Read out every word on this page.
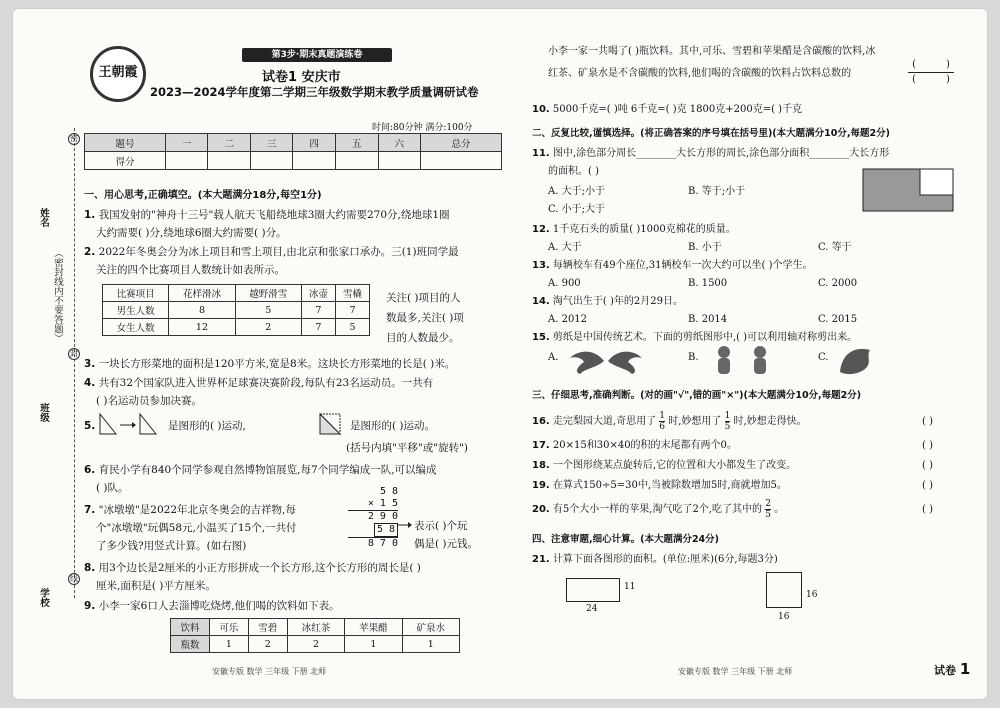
姓名
（密封线内不要答题）
班级
学校
密
封
线
王朝霞
第3步·期末真题演练卷
试卷1 安庆市
2023—2024学年度第二学期三年级数学期末教学质量调研试卷
时间:80分钟 满分:100分
题号	一	二	三	四	五	六	总分
得分							
一、用心思考,正确填空。(本大题满分18分,每空1分)
1. 我国发射的"神舟十三号"载人航天飞船绕地球3圈大约需要270分,绕地球1圈
大约需要( )分,绕地球6圈大约需要( )分。
2. 2022年冬奥会分为冰上项目和雪上项目,由北京和张家口承办。三(1)班同学最
关注的四个比赛项目人数统计如表所示。
比赛项目	花样滑冰	越野滑雪	冰壶	雪橇
男生人数	8	5	7	7
女生人数	12	2	7	5
关注( )项目的人
数最多,关注( )项
目的人数最少。
3. 一块长方形菜地的面积是120平方米,宽是8米。这块长方形菜地的长是( )米。
4. 共有32个国家队进入世界杯足球赛决赛阶段,每队有23名运动员。一共有
( )名运动员参加决赛。
5.	是图形的( )运动,	是图形的( )运动。
(括号内填"平移"或"旋转")
6. 育民小学有840个同学参观自然博物馆展览,每7个同学编成一队,可以编成
( )队。
7. "冰墩墩"是2022年北京冬奥会的吉祥物,每
个"冰墩墩"玩偶58元,小温买了15个,一共付
了多少钱?用竖式计算。(如右图)
5 8
× 1 5
2 9 0
5 8
8 7 0
表示( )个玩
偶是( )元钱。
8. 用3个边长是2厘米的小正方形拼成一个长方形,这个长方形的周长是( )
厘米,面积是( )平方厘米。
9. 小李一家6口人去淄博吃烧烤,他们喝的饮料如下表。
饮料	可乐	雪碧	冰红茶	苹果醋	矿泉水
瓶数	1	2	2	1	1
小李一家一共喝了( )瓶饮料。其中,可乐、雪碧和苹果醋是含碳酸的饮料,冰
红茶、矿泉水是不含碳酸的饮料,他们喝的含碳酸的饮料占饮料总数的
(	)
(	)
10. 5000千克=( )吨 6千克=( )克 1800克+200克=( )千克
二、反复比较,谨慎选择。(将正确答案的序号填在括号里)(本大题满分10分,每题2分)
11. 图中,涂色部分周长________大长方形的周长,涂色部分面积________大长方形
的面积。( )
A. 大于;小于	B. 等于;小于
C. 小于;大于
12. 1千克石头的质量( )1000克棉花的质量。
A. 大于	B. 小于	C. 等于
13. 每辆校车有49个座位,31辆校车一次大约可以坐( )个学生。
A. 900	B. 1500	C. 2000
14. 淘气出生于( )年的2月29日。
A. 2012	B. 2014	C. 2015
15. 剪纸是中国传统艺术。下面的剪纸图形中,( )可以利用轴对称剪出来。
A.	B.	C.
三、仔细思考,准确判断。(对的画"√",错的画"×")(本大题满分10分,每题2分)
16. 走完梨园大道,奇思用了 $\frac{1}{6}$ 时,妙想用了 $\frac{1}{5}$ 时,妙想走得快。	( )
17. 20×15和30×40的积的末尾都有两个0。	( )
18. 一个图形绕某点旋转后,它的位置和大小都发生了改变。	( )
19. 在算式150÷5=30中,当被除数增加5时,商就增加5。	( )
20. 有5个大小一样的苹果,淘气吃了2个,吃了其中的 $\frac{2}{5}$ 。	( )
四、注意审题,细心计算。(本大题满分24分)
21. 计算下面各图形的面积。(单位:厘米)(6分,每题3分)
11
24
16
16
安徽专版 数学 三年级 下册 北师	安徽专版 数学 三年级 下册 北师	试卷 1
